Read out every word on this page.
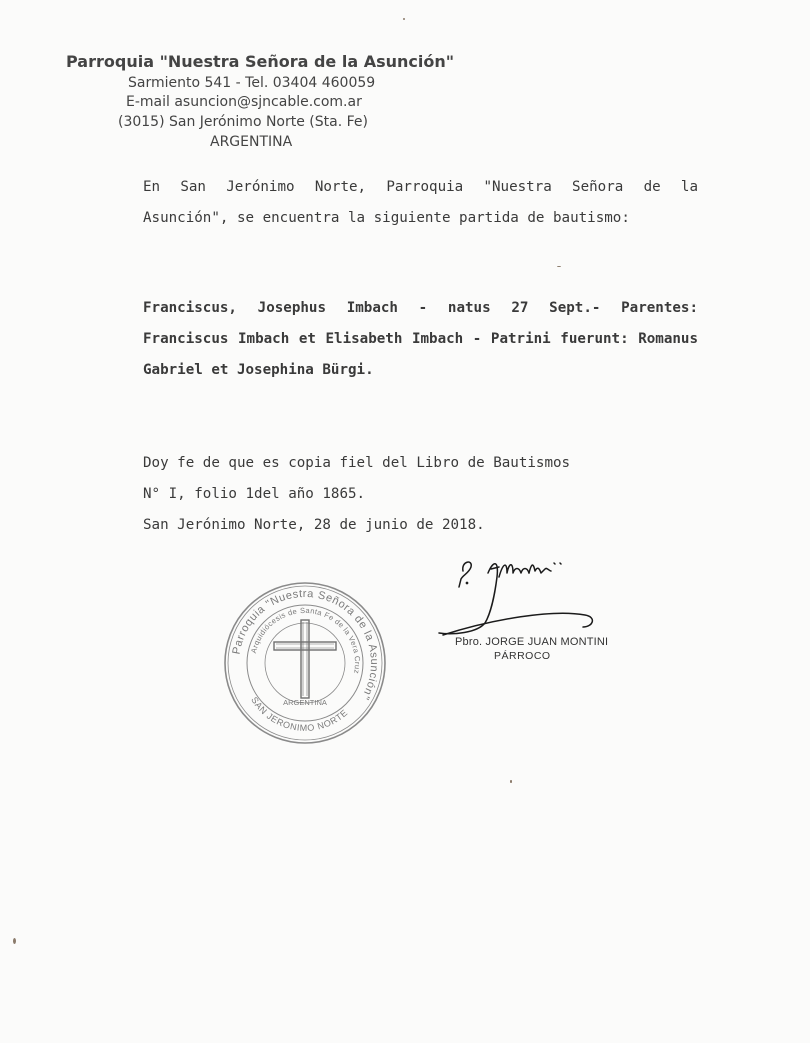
Parroquia "Nuestra Señora de la Asunción"
Sarmiento 541 - Tel. 03404 460059
E-mail asuncion@sjncable.com.ar
(3015) San Jerónimo Norte (Sta. Fe)
ARGENTINA
En San Jerónimo Norte, Parroquia "Nuestra Señora de la Asunción", se encuentra la siguiente partida de bautismo:
Franciscus, Josephus Imbach - natus 27 Sept.- Parentes: Franciscus Imbach et Elisabeth Imbach - Patrini fuerunt: Romanus Gabriel et Josephina Bürgi.
Doy fe de que es copia fiel del Libro de Bautismos
N° I, folio 1del año 1865.
San Jerónimo Norte, 28 de junio de 2018.
Parroquia "Nuestra Señora de la Asunción"
Arquidiócesis de Santa Fe de la Vera Cruz
SAN JERONIMO NORTE
ARGENTINA
Pbro. JORGE JUAN MONTINI
PÁRROCO
